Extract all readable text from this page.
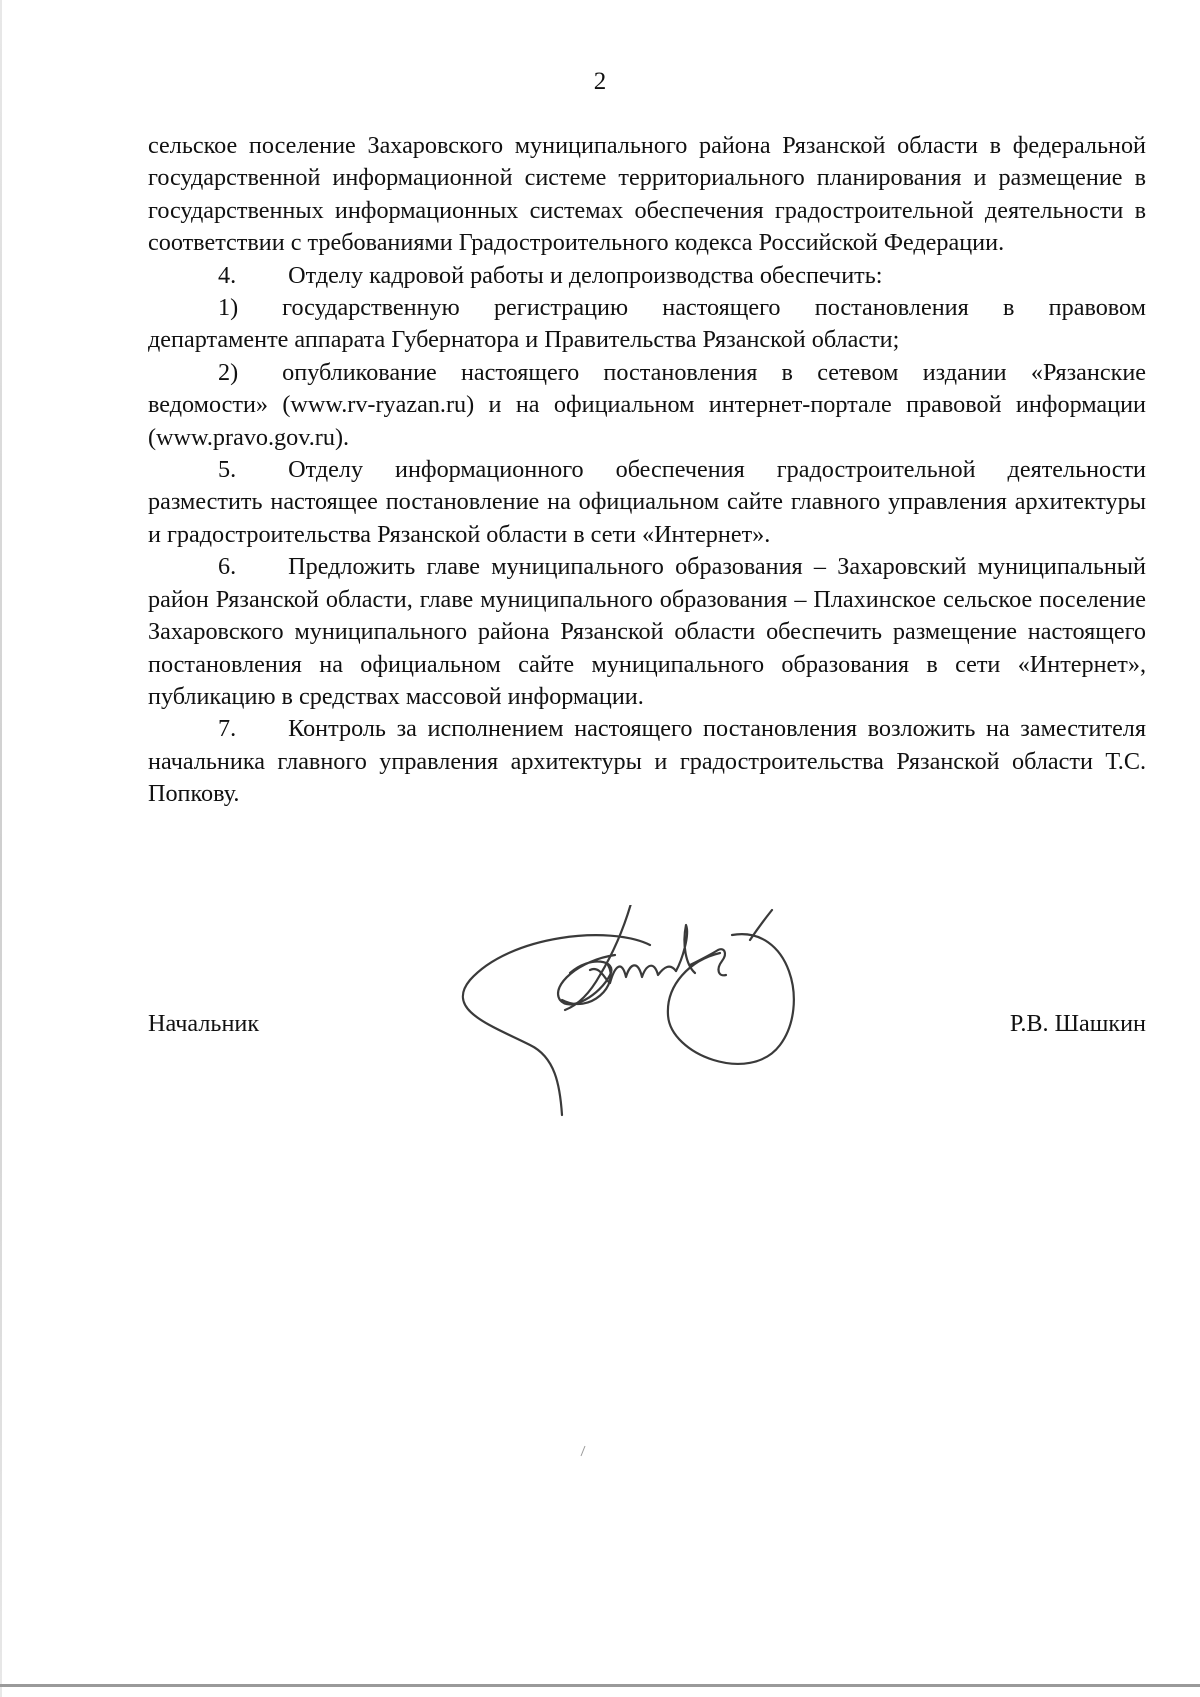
2

сельское поселение Захаровского муниципального района Рязанской области в федеральной государственной информационной системе территориального планирования и размещение в государственных информационных системах обеспечения градостроительной деятельности в соответствии с требованиями Градостроительного кодекса Российской Федерации.

4. Отделу кадровой работы и делопроизводства обеспечить:

1) государственную регистрацию настоящего постановления в правовом департаменте аппарата Губернатора и Правительства Рязанской области;

2) опубликование настоящего постановления в сетевом издании «Рязанские ведомости» (www.rv-ryazan.ru) и на официальном интернет-портале правовой информации (www.pravo.gov.ru).

5. Отделу информационного обеспечения градостроительной деятельности разместить настоящее постановление на официальном сайте главного управления архитектуры и градостроительства Рязанской области в сети «Интернет».

6. Предложить главе муниципального образования – Захаровский муниципальный район Рязанской области, главе муниципального образования – Плахинское сельское поселение Захаровского муниципального района Рязанской области обеспечить размещение настоящего постановления на официальном сайте муниципального образования в сети «Интернет», публикацию в средствах массовой информации.

7. Контроль за исполнением настоящего постановления возложить на заместителя начальника главного управления архитектуры и градостроительства Рязанской области Т.С. Попкову.

Начальник	Р.В. Шашкин
